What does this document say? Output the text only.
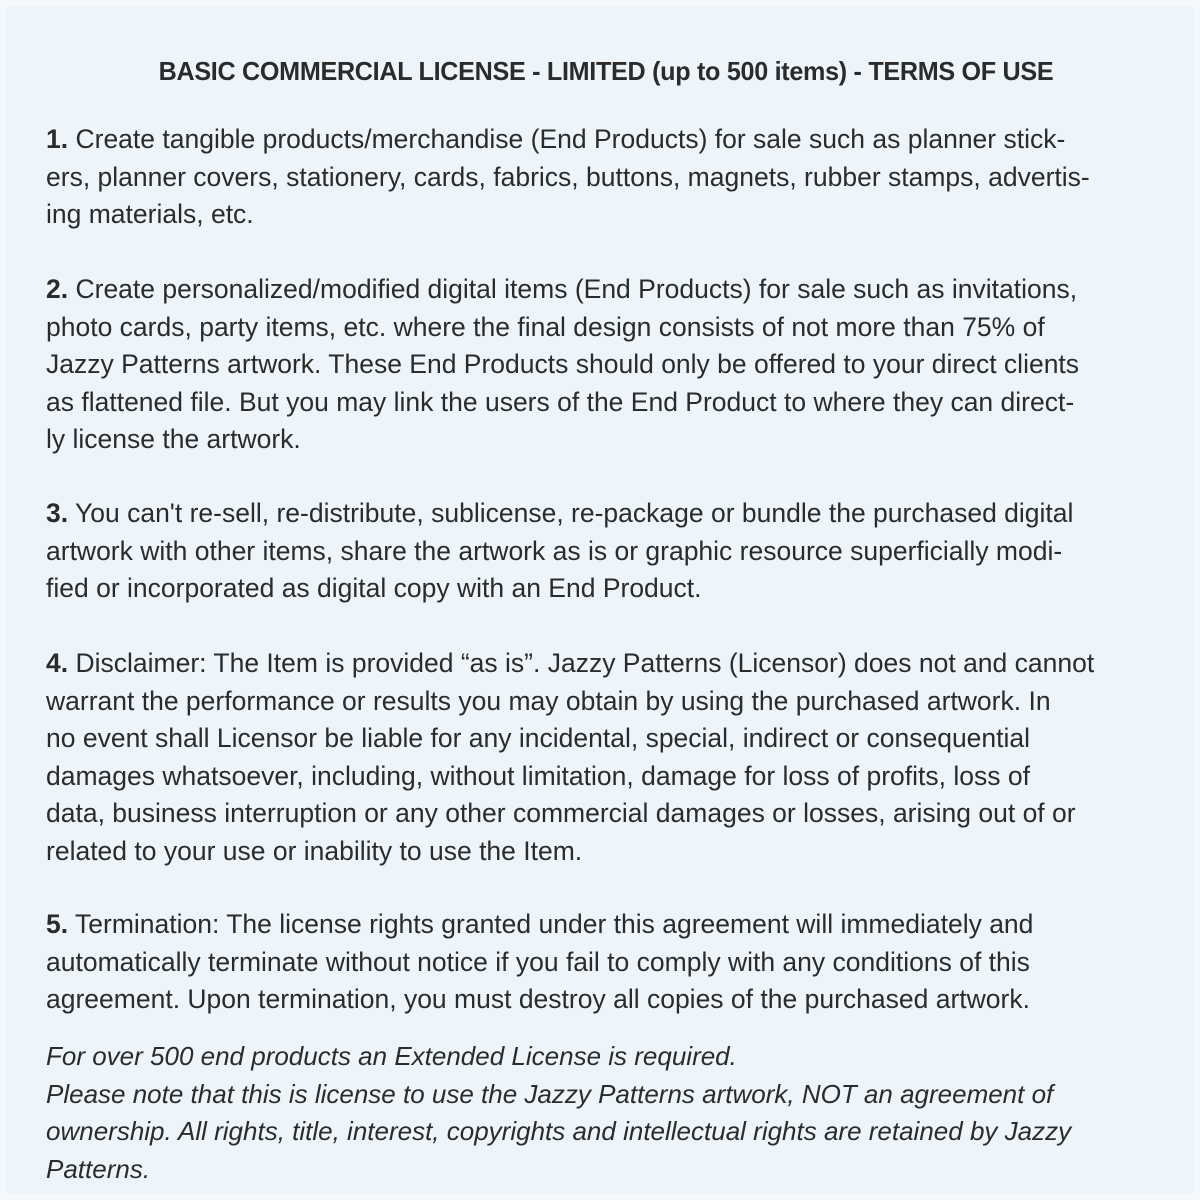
BASIC COMMERCIAL LICENSE - LIMITED (up to 500 items) - TERMS OF USE

1. Create tangible products/merchandise (End Products) for sale such as planner stick-
ers, planner covers, stationery, cards, fabrics, buttons, magnets, rubber stamps, advertis-
ing materials, etc.

2. Create personalized/modified digital items (End Products) for sale such as invitations,
photo cards, party items, etc. where the final design consists of not more than 75% of
Jazzy Patterns artwork. These End Products should only be offered to your direct clients
as flattened file. But you may link the users of the End Product to where they can direct-
ly license the artwork.

3. You can't re-sell, re-distribute, sublicense, re-package or bundle the purchased digital
artwork with other items, share the artwork as is or graphic resource superficially modi-
fied or incorporated as digital copy with an End Product.

4. Disclaimer: The Item is provided “as is”. Jazzy Patterns (Licensor) does not and cannot
warrant the performance or results you may obtain by using the purchased artwork. In
no event shall Licensor be liable for any incidental, special, indirect or consequential
damages whatsoever, including, without limitation, damage for loss of profits, loss of
data, business interruption or any other commercial damages or losses, arising out of or
related to your use or inability to use the Item.

5. Termination: The license rights granted under this agreement will immediately and
automatically terminate without notice if you fail to comply with any conditions of this
agreement. Upon termination, you must destroy all copies of the purchased artwork.

For over 500 end products an Extended License is required.
Please note that this is license to use the Jazzy Patterns artwork, NOT an agreement of
ownership. All rights, title, interest, copyrights and intellectual rights are retained by Jazzy
Patterns.
